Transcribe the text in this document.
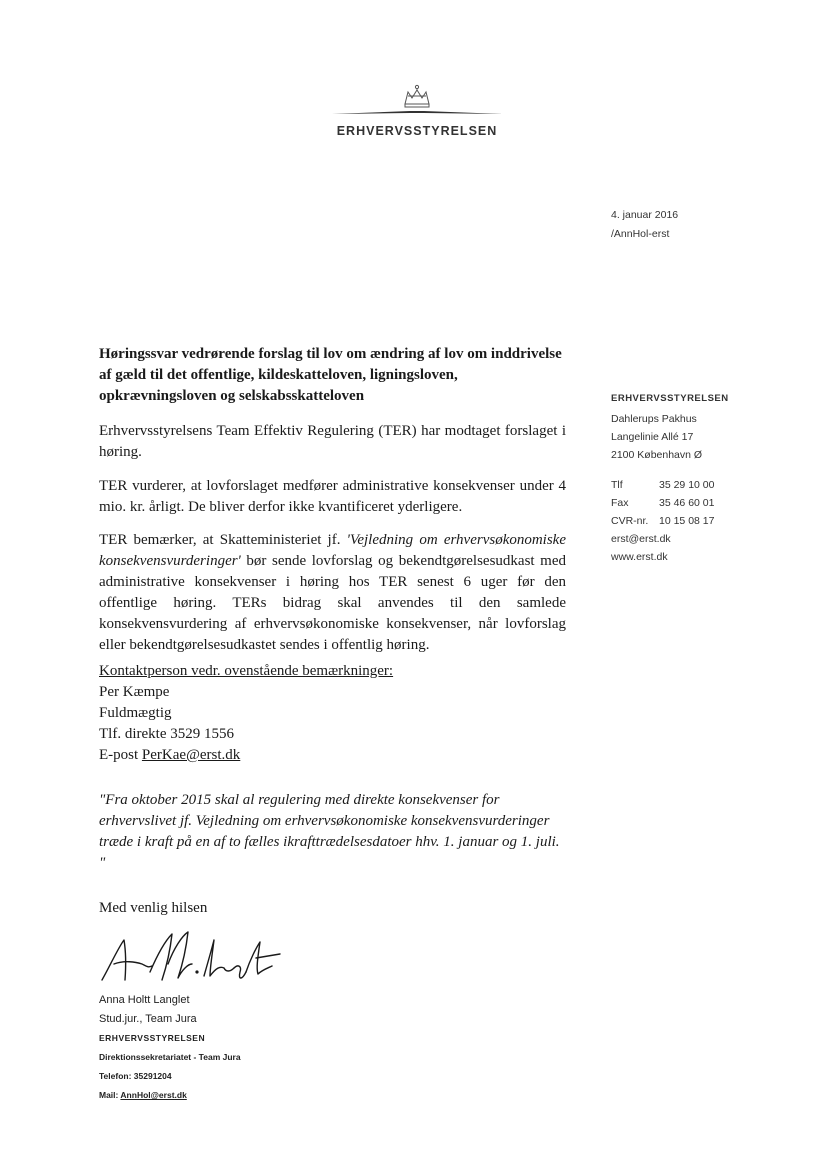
ERHVERVSSTYRELSEN
4. januar 2016
/AnnHol-erst
ERHVERVSSTYRELSEN
Dahlerups Pakhus
Langelinie Allé 17
2100 København Ø
Tlf	35 29 10 00
Fax	35 46 60 01
CVR-nr.	10 15 08 17
erst@erst.dk
www.erst.dk
Høringssvar vedrørende forslag til lov om ændring af lov om inddrivelse af gæld til det offentlige, kildeskatteloven, ligningsloven, opkrævningsloven og selskabsskatteloven
Erhvervsstyrelsens Team Effektiv Regulering (TER) har modtaget forslaget i høring.
TER vurderer, at lovforslaget medfører administrative konsekvenser under 4 mio. kr. årligt. De bliver derfor ikke kvantificeret yderligere.
TER bemærker, at Skatteministeriet jf. 'Vejledning om erhvervsøkonomiske konsekvensvurderinger' bør sende lovforslag og bekendtgørelsesudkast med administrative konsekvenser i høring hos TER senest 6 uger før den offentlige høring. TERs bidrag skal anvendes til den samlede konsekvensvurdering af erhvervsøkonomiske konsekvenser, når lovforslag eller bekendtgørelsesudkastet sendes i offentlig høring.
Kontaktperson vedr. ovenstående bemærkninger:
Per Kæmpe
Fuldmægtig
Tlf. direkte 3529 1556
E-post PerKae@erst.dk
"Fra oktober 2015 skal al regulering med direkte konsekvenser for erhvervslivet jf. Vejledning om erhvervsøkonomiske konsekvensvurderinger træde i kraft på en af to fælles ikrafttrædelsesdatoer hhv. 1. januar og 1. juli. "
Med venlig hilsen
Anna Holtt Langlet
Stud.jur., Team Jura
ERHVERVSSTYRELSEN
Direktionssekretariatet - Team Jura
Telefon: 35291204
Mail: AnnHol@erst.dk
